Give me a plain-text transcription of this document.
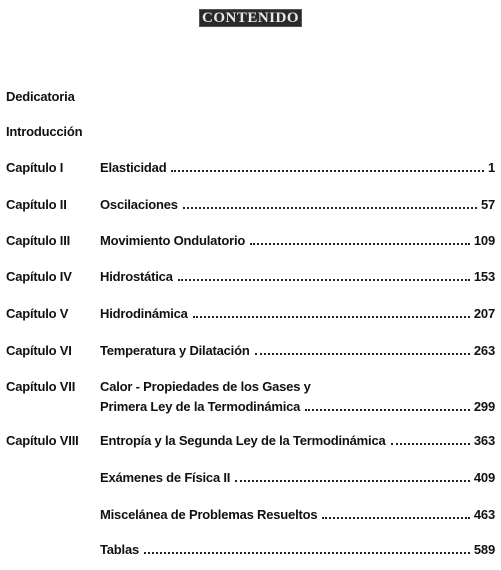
CONTENIDO
Dedicatoria
Introducción
Capítulo I	Elasticidad	1
Capítulo II	Oscilaciones	57
Capítulo III Movimiento Ondulatorio	109
Capítulo IV Hidrostática	153
Capítulo V Hidrodinámica	207
Capítulo VI Temperatura y Dilatación	263
Capítulo VII Calor - Propiedades de los Gases y
Primera Ley de la Termodinámica	299
Capítulo VIII Entropía y la Segunda Ley de la Termodinámica	363
Exámenes de Física II	409
Miscelánea de Problemas Resueltos	463
Tablas	589
